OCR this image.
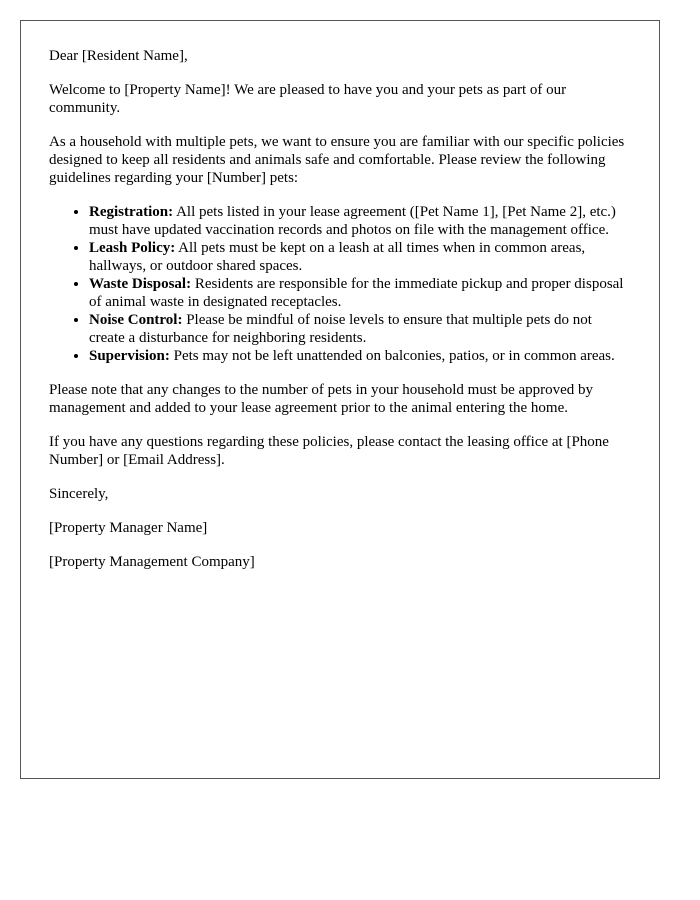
Dear [Resident Name],

Welcome to [Property Name]! We are pleased to have you and your pets as part of our community.

As a household with multiple pets, we want to ensure you are familiar with our specific policies designed to keep all residents and animals safe and comfortable. Please review the following guidelines regarding your [Number] pets:

• Registration: All pets listed in your lease agreement ([Pet Name 1], [Pet Name 2], etc.) must have updated vaccination records and photos on file with the management office.
• Leash Policy: All pets must be kept on a leash at all times when in common areas, hallways, or outdoor shared spaces.
• Waste Disposal: Residents are responsible for the immediate pickup and proper disposal of animal waste in designated receptacles.
• Noise Control: Please be mindful of noise levels to ensure that multiple pets do not create a disturbance for neighboring residents.
• Supervision: Pets may not be left unattended on balconies, patios, or in common areas.

Please note that any changes to the number of pets in your household must be approved by management and added to your lease agreement prior to the animal entering the home.

If you have any questions regarding these policies, please contact the leasing office at [Phone Number] or [Email Address].

Sincerely,

[Property Manager Name]

[Property Management Company]
